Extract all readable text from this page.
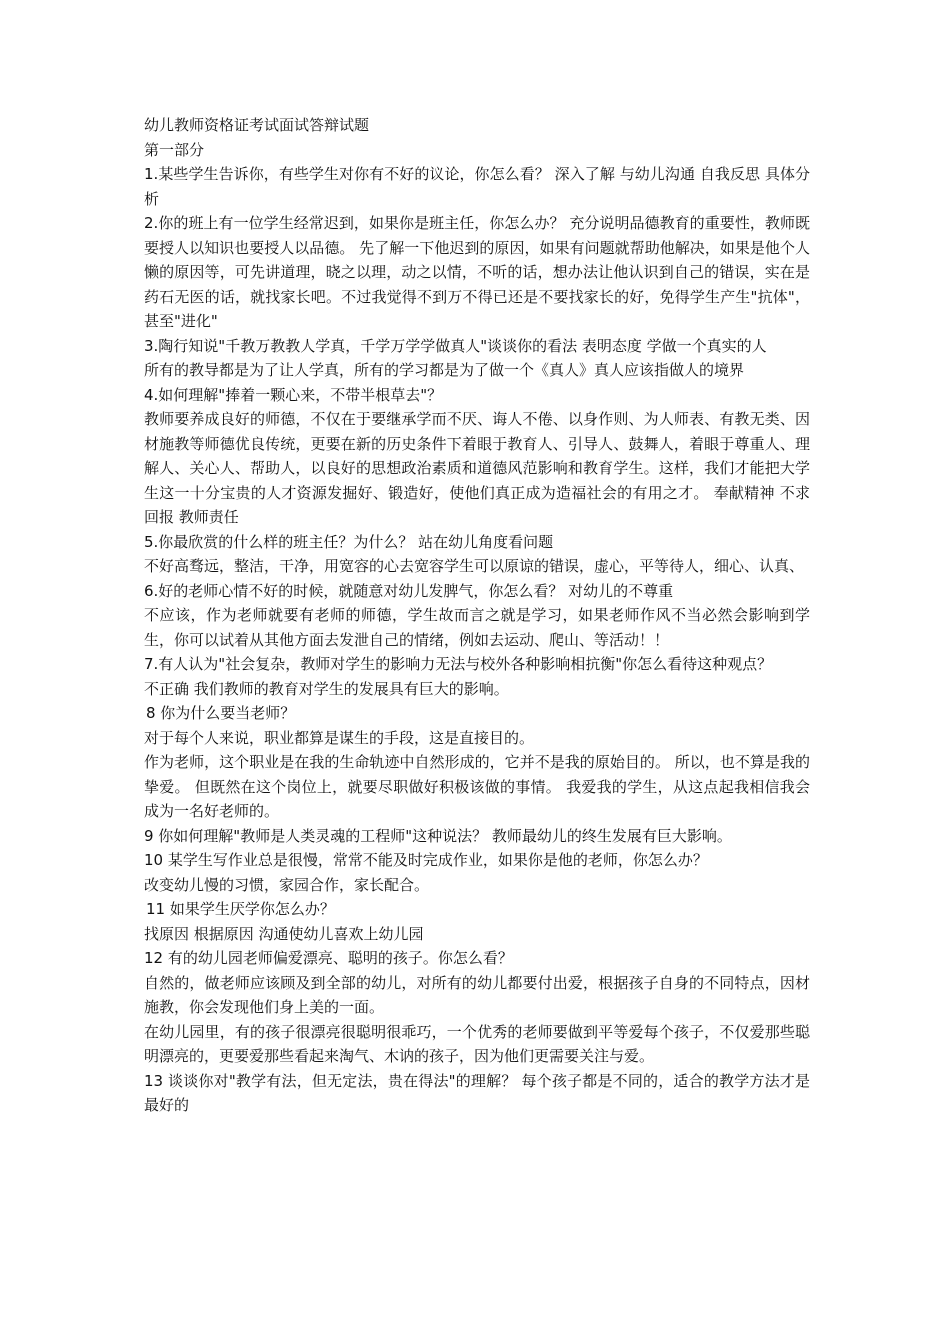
幼儿教师资格证考试面试答辩试题

第一部分

1.某些学生告诉你，有些学生对你有不好的议论，你怎么看？ 深入了解 与幼儿沟通 自我反思 具体分析

2.你的班上有一位学生经常迟到，如果你是班主任，你怎么办？ 充分说明品德教育的重要性，教师既要授人以知识也要授人以品德。 先了解一下他迟到的原因，如果有问题就帮助他解决，如果是他个人懒的原因等，可先讲道理，晓之以理，动之以情，不听的话，想办法让他认识到自己的错误，实在是药石无医的话，就找家长吧。不过我觉得不到万不得已还是不要找家长的好，免得学生产生"抗体"，甚至"进化"

3.陶行知说"千教万教教人学真，千学万学学做真人"谈谈你的看法 表明态度 学做一个真实的人

所有的教导都是为了让人学真，所有的学习都是为了做一个《真人》真人应该指做人的境界

4.如何理解"捧着一颗心来，不带半根草去"？

教师要养成良好的师德，不仅在于要继承学而不厌、诲人不倦、以身作则、为人师表、有教无类、因材施教等师德优良传统，更要在新的历史条件下着眼于教育人、引导人、鼓舞人，着眼于尊重人、理解人、关心人、帮助人，以良好的思想政治素质和道德风范影响和教育学生。这样，我们才能把大学生这一十分宝贵的人才资源发掘好、锻造好，使他们真正成为造福社会的有用之才。 奉献精神 不求回报 教师责任

5.你最欣赏的什么样的班主任？为什么？ 站在幼儿角度看问题

不好高骛远，整洁，干净，用宽容的心去宽容学生可以原谅的错误，虚心，平等待人，细心、认真、

6.好的老师心情不好的时候，就随意对幼儿发脾气，你怎么看？ 对幼儿的不尊重

不应该，作为老师就要有老师的师德，学生故而言之就是学习，如果老师作风不当必然会影响到学生，你可以试着从其他方面去发泄自己的情绪，例如去运动、爬山、等活动！！

7.有人认为"社会复杂，教师对学生的影响力无法与校外各种影响相抗衡"你怎么看待这种观点？

不正确 我们教师的教育对学生的发展具有巨大的影响。

8 你为什么要当老师？

对于每个人来说，职业都算是谋生的手段，这是直接目的。

作为老师，这个职业是在我的生命轨迹中自然形成的，它并不是我的原始目的。 所以，也不算是我的挚爱。 但既然在这个岗位上，就要尽职做好积极该做的事情。 我爱我的学生，从这点起我相信我会成为一名好老师的。

9 你如何理解"教师是人类灵魂的工程师"这种说法？ 教师最幼儿的终生发展有巨大影响。

10 某学生写作业总是很慢，常常不能及时完成作业，如果你是他的老师，你怎么办？

改变幼儿慢的习惯，家园合作，家长配合。

11 如果学生厌学你怎么办？

找原因 根据原因 沟通使幼儿喜欢上幼儿园

12 有的幼儿园老师偏爱漂亮、聪明的孩子。你怎么看？

自然的，做老师应该顾及到全部的幼儿，对所有的幼儿都要付出爱，根据孩子自身的不同特点，因材施教，你会发现他们身上美的一面。

在幼儿园里，有的孩子很漂亮很聪明很乖巧，一个优秀的老师要做到平等爱每个孩子，不仅爱那些聪明漂亮的，更要爱那些看起来淘气、木讷的孩子，因为他们更需要关注与爱。

13 谈谈你对"教学有法，但无定法，贵在得法"的理解？ 每个孩子都是不同的，适合的教学方法才是最好的
